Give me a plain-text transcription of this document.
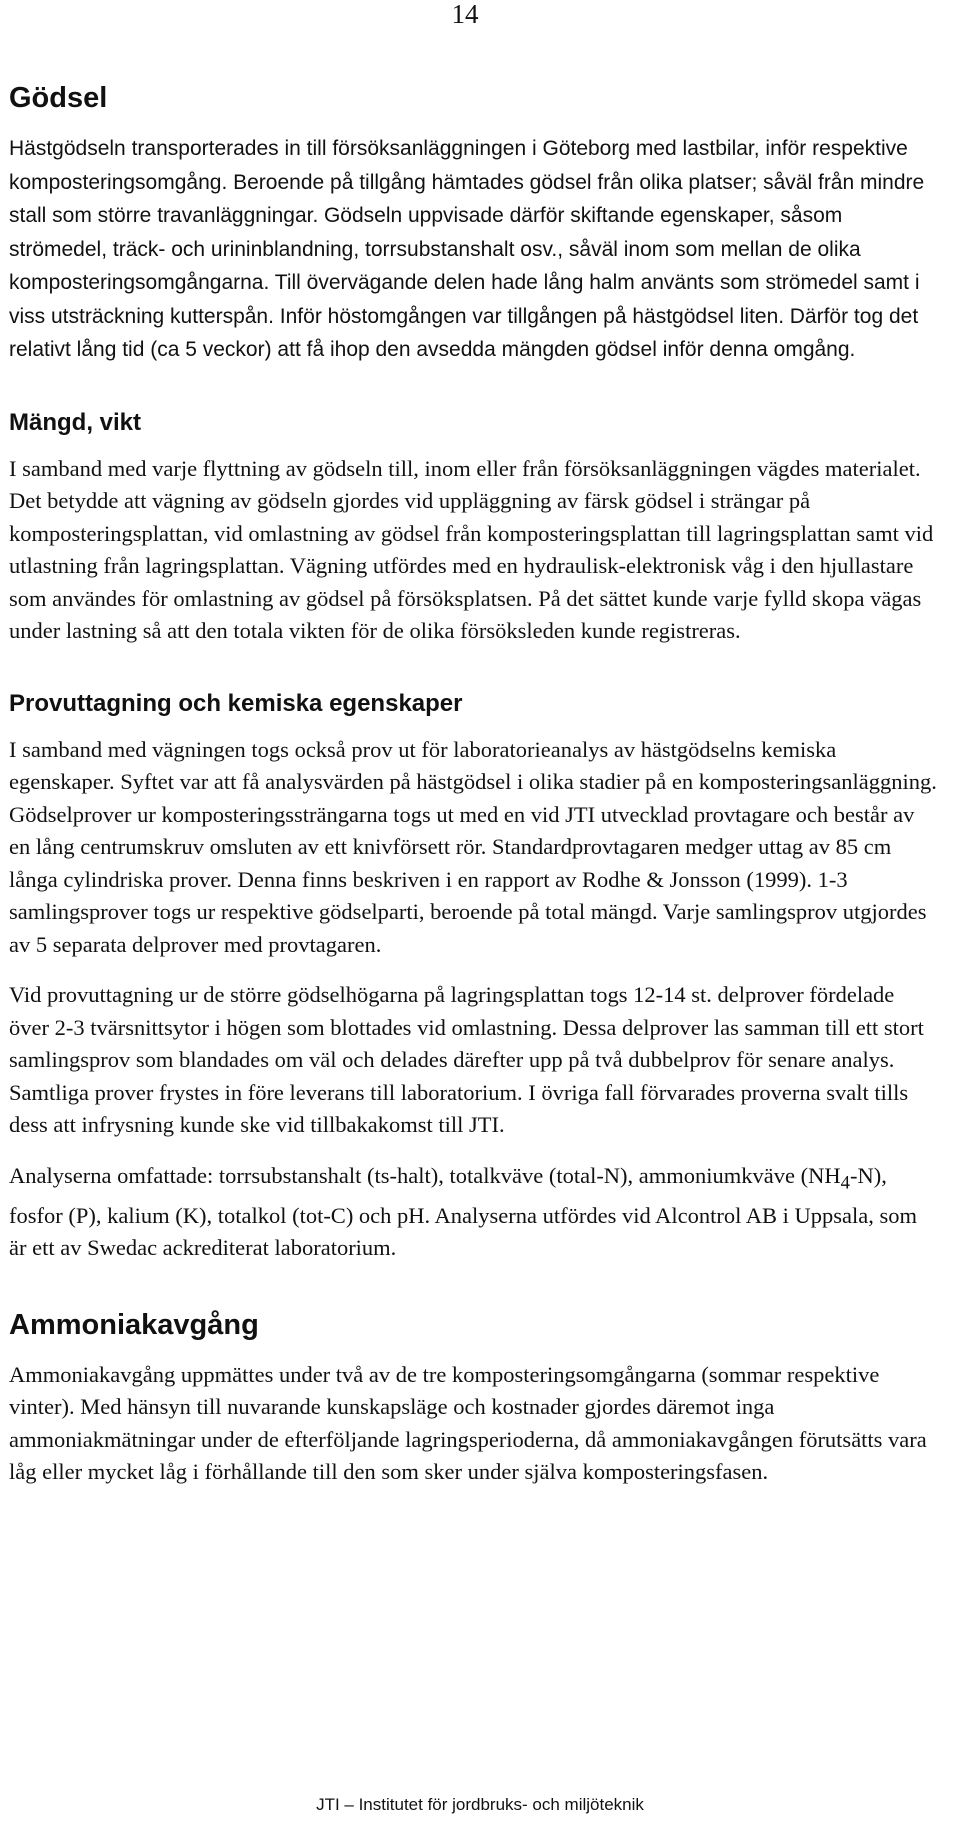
14
Gödsel

Hästgödseln transporterades in till försöksanläggningen i Göteborg med lastbilar, inför respektive komposteringsomgång. Beroende på tillgång hämtades gödsel från olika platser; såväl från mindre stall som större travanläggningar. Gödseln uppvisade därför skiftande egenskaper, såsom strömedel, träck- och urininblandning, torrsubstanshalt osv., såväl inom som mellan de olika komposteringsomgångarna. Till övervägande delen hade lång halm använts som strömedel samt i viss utsträckning kutterspån. Inför höstomgången var tillgången på hästgödsel liten. Därför tog det relativt lång tid (ca 5 veckor) att få ihop den avsedda mängden gödsel inför denna omgång.

Mängd, vikt

I samband med varje flyttning av gödseln till, inom eller från försöksanläggningen vägdes materialet. Det betydde att vägning av gödseln gjordes vid uppläggning av färsk gödsel i strängar på komposteringsplattan, vid omlastning av gödsel från komposteringsplattan till lagringsplattan samt vid utlastning från lagringsplattan. Vägning utfördes med en hydraulisk-elektronisk våg i den hjullastare som användes för omlastning av gödsel på försöksplatsen. På det sättet kunde varje fylld skopa vägas under lastning så att den totala vikten för de olika försöksleden kunde registreras.

Provuttagning och kemiska egenskaper

I samband med vägningen togs också prov ut för laboratorieanalys av hästgödselns kemiska egenskaper. Syftet var att få analysvärden på hästgödsel i olika stadier på en komposteringsanläggning. Gödselprover ur komposteringssträngarna togs ut med en vid JTI utvecklad provtagare och består av en lång centrumskruv omsluten av ett knivförsett rör. Standardprovtagaren medger uttag av 85 cm långa cylindriska prover. Denna finns beskriven i en rapport av Rodhe & Jonsson (1999). 1-3 samlingsprover togs ur respektive gödselparti, beroende på total mängd. Varje samlingsprov utgjordes av 5 separata delprover med provtagaren.

Vid provuttagning ur de större gödselhögarna på lagringsplattan togs 12-14 st. delprover fördelade över 2-3 tvärsnittsytor i högen som blottades vid omlastning. Dessa delprover las samman till ett stort samlingsprov som blandades om väl och delades därefter upp på två dubbelprov för senare analys. Samtliga prover frystes in före leverans till laboratorium. I övriga fall förvarades proverna svalt tills dess att infrysning kunde ske vid tillbakakomst till JTI.

Analyserna omfattade: torrsubstanshalt (ts-halt), totalkväve (total-N), ammoniumkväve $(NH_4-N)$, fosfor (P), kalium (K), totalkol (tot-C) och pH. Analyserna utfördes vid Alcontrol AB i Uppsala, som är ett av Swedac ackrediterat laboratorium.

Ammoniakavgång

Ammoniakavgång uppmättes under två av de tre komposteringsomgångarna (sommar respektive vinter). Med hänsyn till nuvarande kunskapsläge och kostnader gjordes däremot inga ammoniakmätningar under de efterföljande lagringsperioderna, då ammoniakavgången förutsätts vara låg eller mycket låg i förhållande till den som sker under själva komposteringsfasen.

JTI – Institutet för jordbruks- och miljöteknik
